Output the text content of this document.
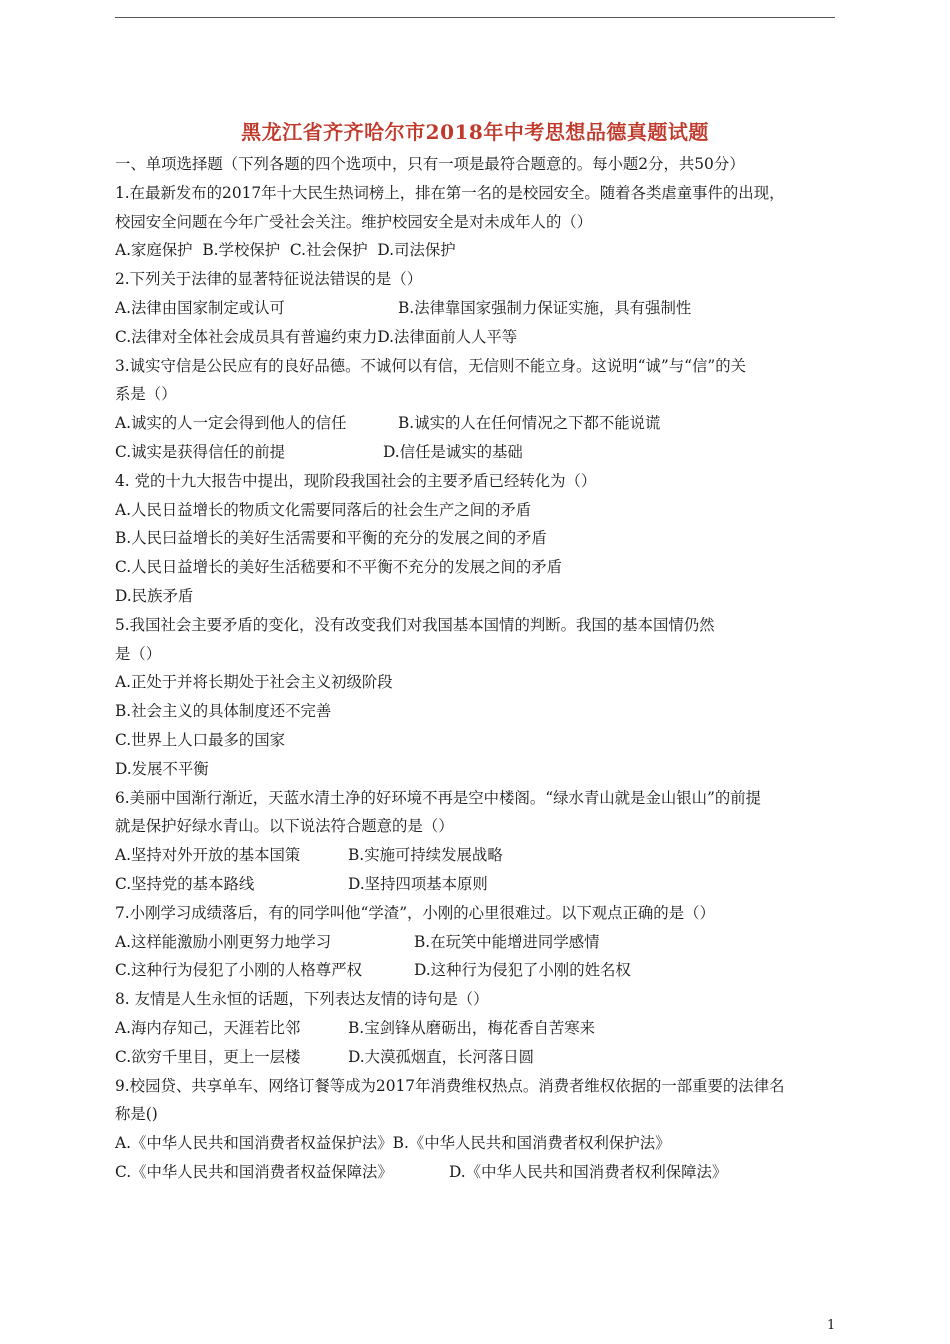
黑龙江省齐齐哈尔市2018年中考思想品德真题试题
一、单项选择题（下列各题的四个选项中，只有一项是最符合题意的。每小题2分，共50分）
1.在最新发布的2017年十大民生热词榜上，排在第一名的是校园安全。随着各类虐童事件的出现，
校园安全问题在今年广受社会关注。维护校园安全是对未成年人的（）
A.家庭保护  B.学校保护  C.社会保护  D.司法保护
2.下列关于法律的显著特征说法错误的是（）
A.法律由国家制定或认可	B.法律靠国家强制力保证实施，具有强制性
C.法律对全体社会成员具有普遍约束力D.法律面前人人平等
3.诚实守信是公民应有的良好品德。不诚何以有信，无信则不能立身。这说明“诚”与“信”的关
系是（）
A.诚实的人一定会得到他人的信任	B.诚实的人在任何情况之下都不能说谎
C.诚实是获得信任的前提	D.信任是诚实的基础
4. 党的十九大报告中提出，现阶段我国社会的主要矛盾已经转化为（）
A.人民日益增长的物质文化需要同落后的社会生产之间的矛盾
B.人民曰益增长的美好生活需要和平衡的充分的发展之间的矛盾
C.人民日益增长的美好生活嵇要和不平衡不充分的发展之间的矛盾
D.民族矛盾
5.我国社会主要矛盾的变化，没有改变我们对我国基本国情的判断。我国的基本国情仍然
是（）
A.正处于并将长期处于社会主义初级阶段
B.社会主义的具体制度还不完善
C.世界上人口最多的国家
D.发展不平衡
6.美丽中国渐行渐近，天蓝水清土净的好环境不再是空中楼阁。“绿水青山就是金山银山”的前提
就是保护好绿水青山。以下说法符合题意的是（）
A.坚持对外开放的基本国策	B.实施可持续发展战略
C.坚持党的基本路线	D.坚持四项基本原则
7.小刚学习成绩落后，有的同学叫他“学渣”，小刚的心里很难过。以下观点正确的是（）
A.这样能激励小刚更努力地学习	B.在玩笑中能增进同学感情
C.这种行为侵犯了小刚的人格尊严权	D.这种行为侵犯了小刚的姓名权
8. 友情是人生永恒的话题，下列表达友情的诗句是（）
A.海内存知己，天涯若比邻	B.宝剑锋从磨砺出，梅花香自苦寒来
C.欲穷千里目，更上一层楼	D.大漠孤烟直，长河落日圆
9.校园贷、共享单车、网络订餐等成为2017年消费维权热点。消费者维权依据的一部重要的法律名
称是()
A.《中华人民共和国消费者权益保护法》 B.《中华人民共和国消费者权利保护法》
C.《中华人民共和国消费者权益保障法》	D.《中华人民共和国消费者权利保障法》
1
